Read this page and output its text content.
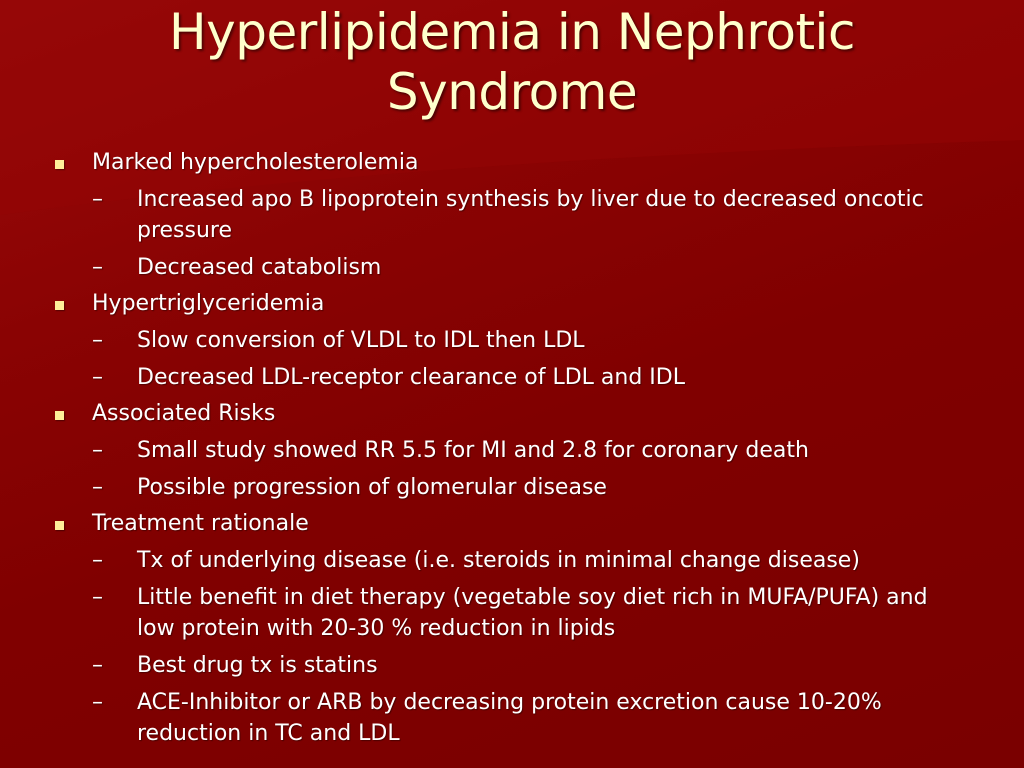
Hyperlipidemia in Nephrotic Syndrome
Marked hypercholesterolemia
– Increased apo B lipoprotein synthesis by liver due to decreased oncotic pressure
– Decreased catabolism
Hypertriglyceridemia
– Slow conversion of VLDL to IDL then LDL
– Decreased LDL-receptor clearance of LDL and IDL
Associated Risks
– Small study showed RR 5.5 for MI and 2.8 for coronary death
– Possible progression of glomerular disease
Treatment rationale
– Tx of underlying disease (i.e. steroids in minimal change disease)
– Little benefit in diet therapy (vegetable soy diet rich in MUFA/PUFA) and low protein with 20-30 % reduction in lipids
– Best drug tx is statins
– ACE-Inhibitor or ARB by decreasing protein excretion cause 10-20% reduction in TC and LDL
